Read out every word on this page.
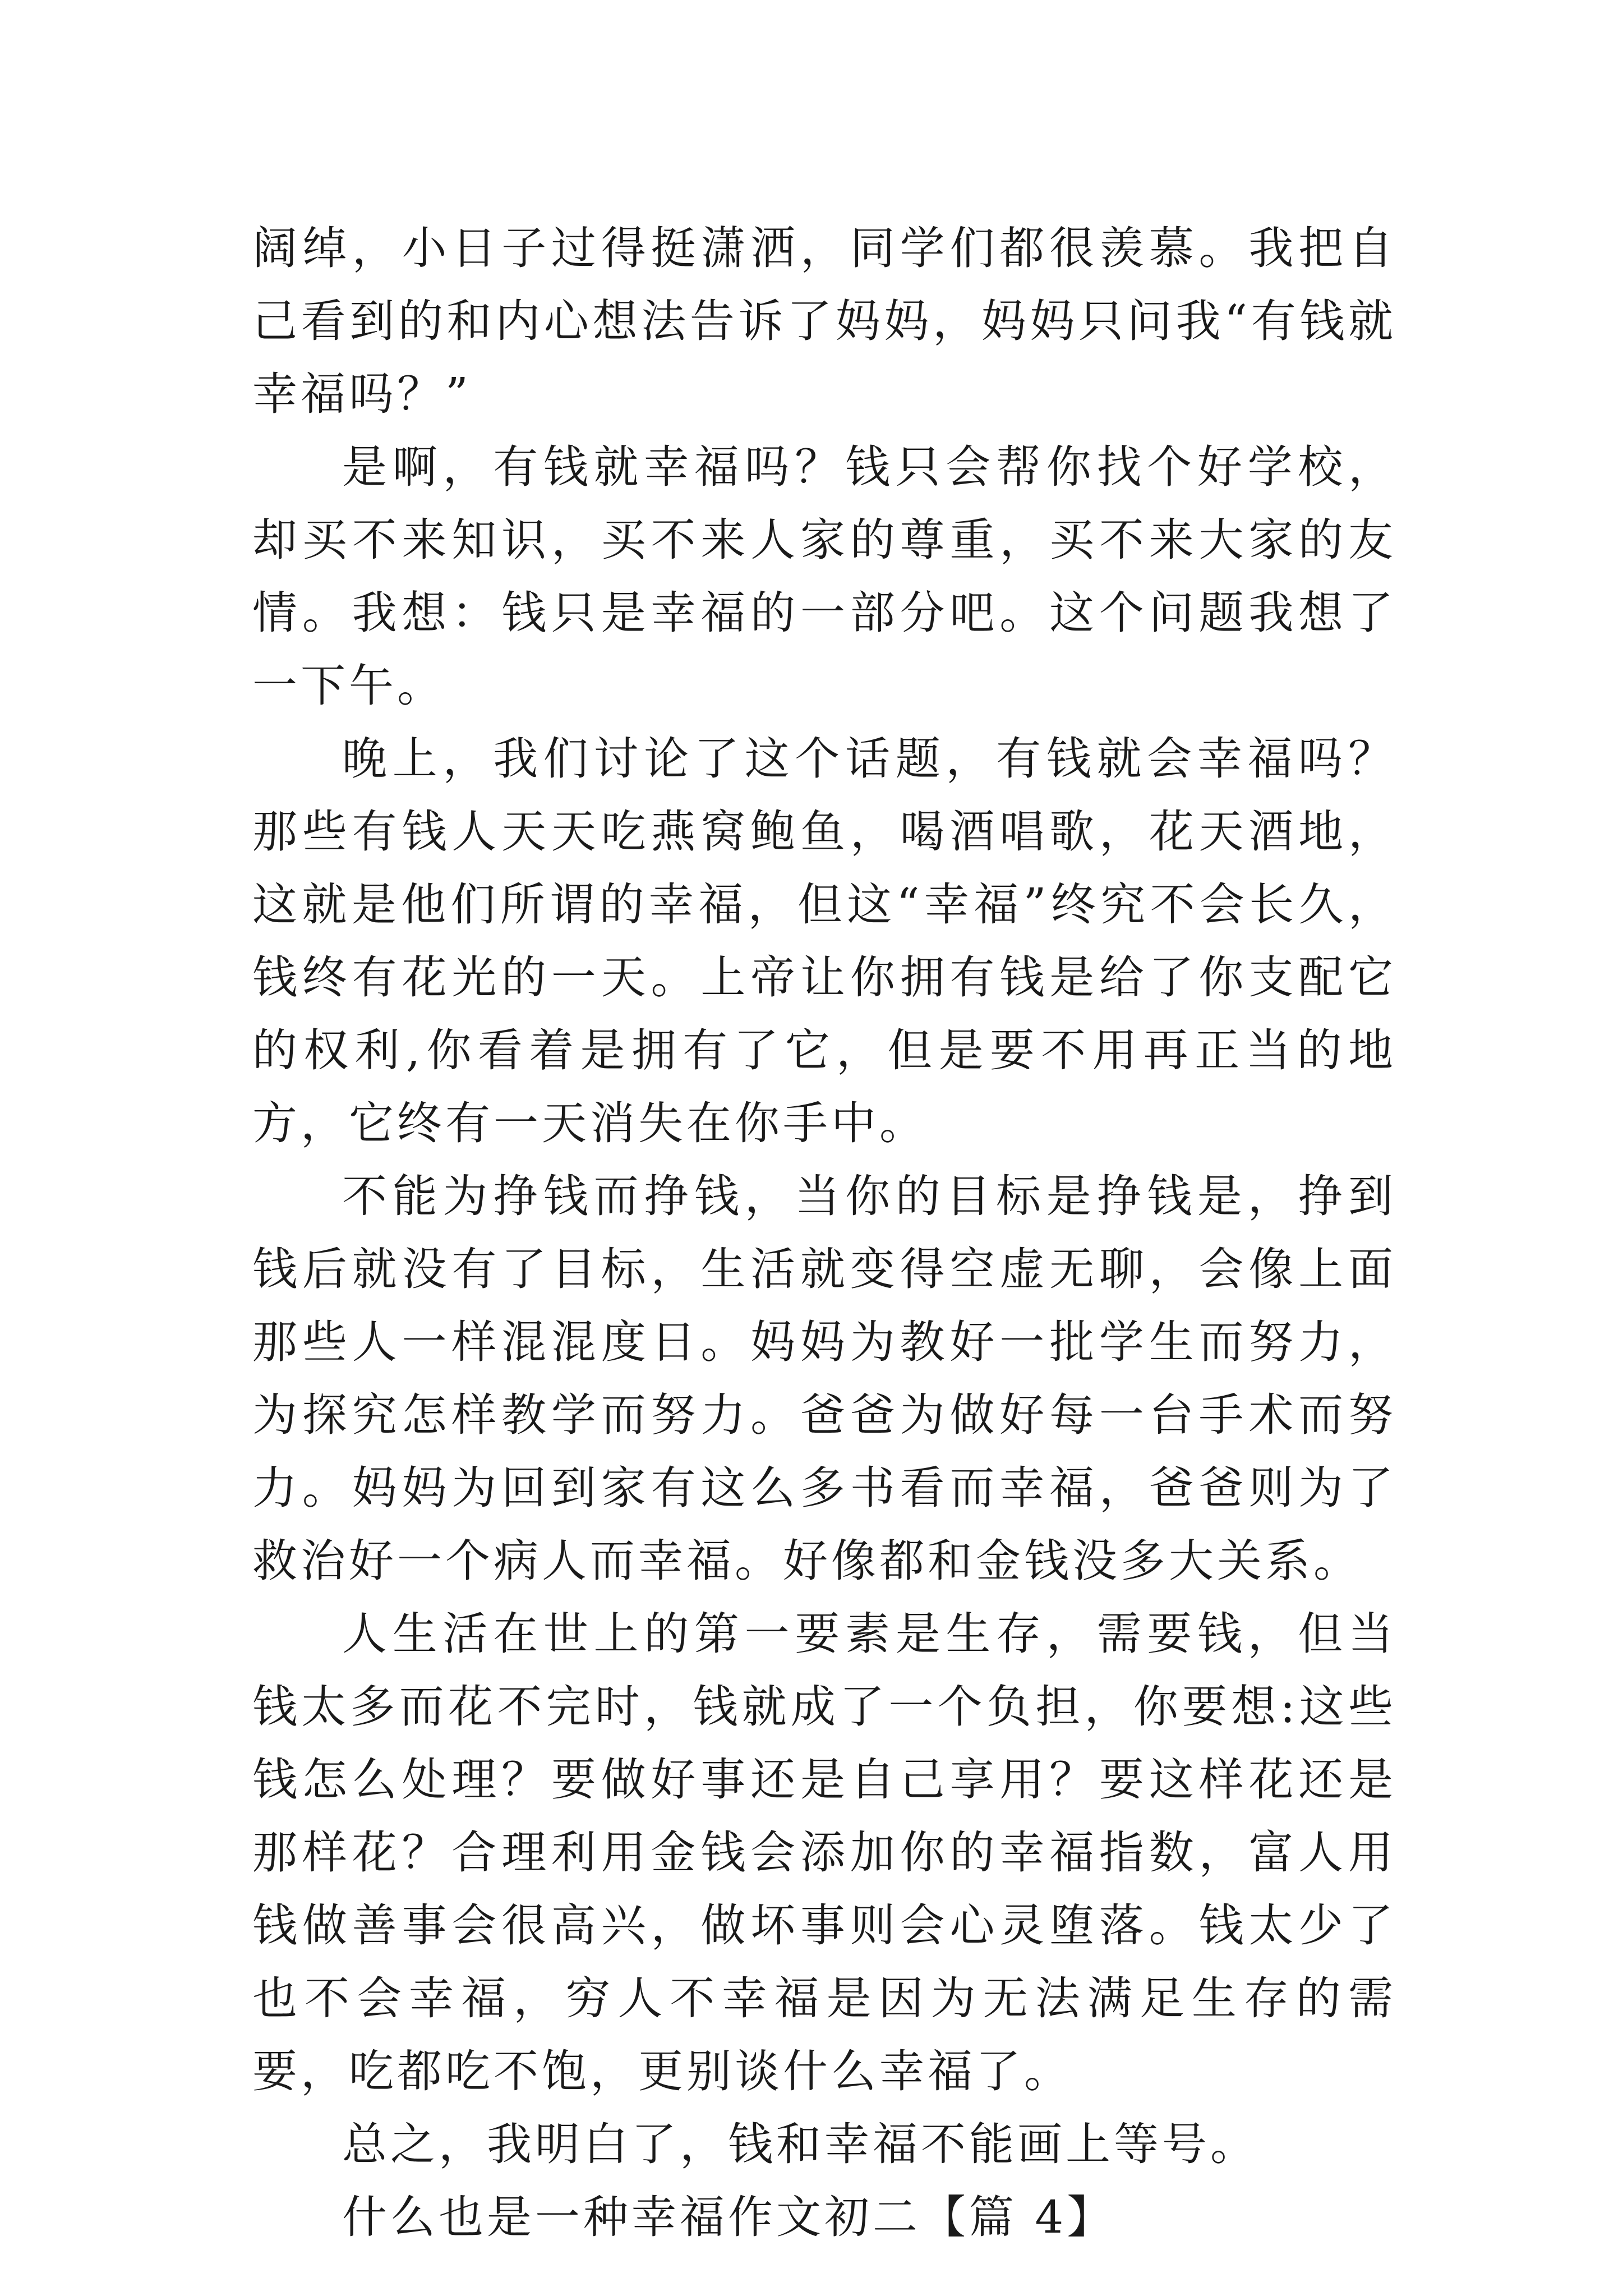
阔绰，小日子过得挺潇洒，同学们都很羡慕。我把自己看到的和内心想法告诉了妈妈，妈妈只问我“有钱就幸福吗？”

是啊，有钱就幸福吗？钱只会帮你找个好学校，却买不来知识，买不来人家的尊重，买不来大家的友情。我想：钱只是幸福的一部分吧。这个问题我想了一下午。

晚上，我们讨论了这个话题，有钱就会幸福吗？那些有钱人天天吃燕窝鲍鱼，喝酒唱歌，花天酒地，这就是他们所谓的幸福，但这“幸福”终究不会长久，钱终有花光的一天。上帝让你拥有钱是给了你支配它的权利,你看着是拥有了它，但是要不用再正当的地方，它终有一天消失在你手中。

不能为挣钱而挣钱，当你的目标是挣钱是，挣到钱后就没有了目标，生活就变得空虚无聊，会像上面那些人一样混混度日。妈妈为教好一批学生而努力，为探究怎样教学而努力。爸爸为做好每一台手术而努力。妈妈为回到家有这么多书看而幸福，爸爸则为了救治好一个病人而幸福。好像都和金钱没多大关系。

人生活在世上的第一要素是生存，需要钱，但当钱太多而花不完时，钱就成了一个负担，你要想:这些钱怎么处理？要做好事还是自己享用？要这样花还是那样花？合理利用金钱会添加你的幸福指数，富人用钱做善事会很高兴，做坏事则会心灵堕落。钱太少了也不会幸福，穷人不幸福是因为无法满足生存的需要，吃都吃不饱，更别谈什么幸福了。

总之，我明白了，钱和幸福不能画上等号。

什么也是一种幸福作文初二【篇 4】
